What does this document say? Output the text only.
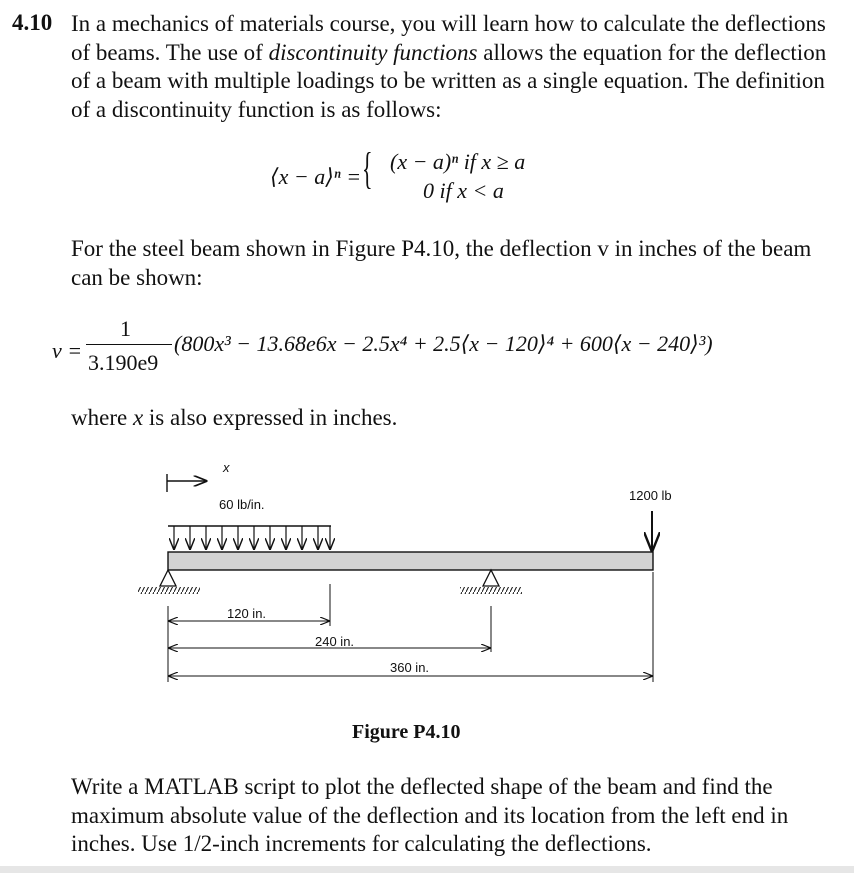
4.10 In a mechanics of materials course, you will learn how to calculate the deflections of beams. The use of discontinuity functions allows the equation for the deflection of a beam with multiple loadings to be written as a single equation. The definition of a discontinuity function is as follows:
⟨x − a⟩ⁿ = { (x − a)ⁿ if x ≥ a
0 if x < a
For the steel beam shown in Figure P4.10, the deflection v in inches of the beam can be shown:
v =
1
3.190e9
(800x³ − 13.68e6x − 2.5x⁴ + 2.5⟨x − 120⟩⁴ + 600⟨x − 240⟩³)
where x is also expressed in inches.
x
60 lb/in.
1200 lb
120 in.
240 in.
360 in.
Figure P4.10
Write a MATLAB script to plot the deflected shape of the beam and find the maximum absolute value of the deflection and its location from the left end in inches. Use 1/2-inch increments for calculating the deflections.
